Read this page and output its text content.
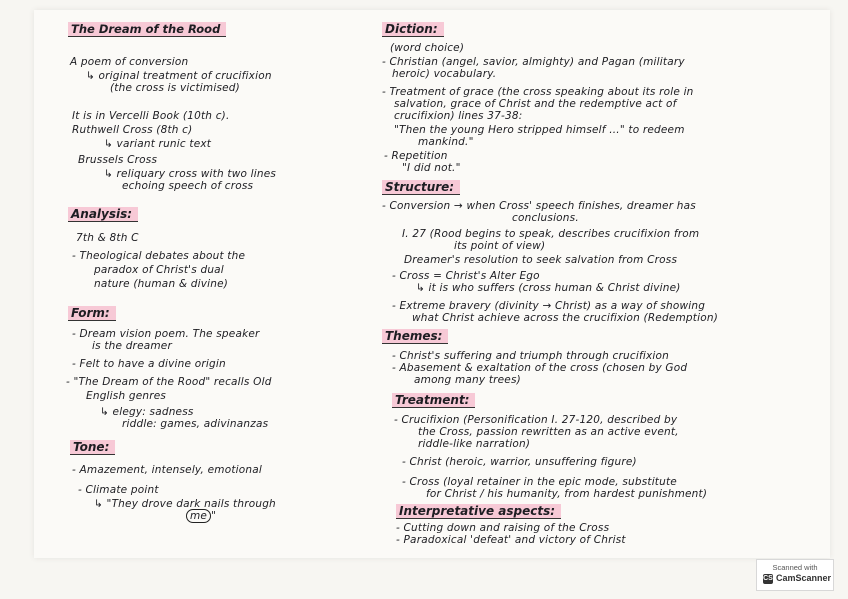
The Dream of the Rood
A poem of conversion
↳ original treatment of crucifixion
(the cross is victimised)
It is in Vercelli Book (10th c).
Ruthwell Cross (8th c)
↳ variant runic text
Brussels Cross
↳ reliquary cross with two lines
echoing speech of cross
Analysis:
7th & 8th C
- Theological debates about the
paradox of Christ's dual
nature (human & divine)
Form:
- Dream vision poem. The speaker
is the dreamer
- Felt to have a divine origin
- "The Dream of the Rood" recalls Old
English genres
↳ elegy: sadness
riddle: games, adivinanzas
Tone:
- Amazement, intensely, emotional
- Climate point
↳ "They drove dark nails through
me "
Diction:
(word choice)
- Christian (angel, savior, almighty) and Pagan (military
heroic) vocabulary.
- Treatment of grace (the cross speaking about its role in
salvation, grace of Christ and the redemptive act of
crucifixion) lines 37-38:
"Then the young Hero stripped himself ..." to redeem
mankind."
- Repetition
"I did not."
Structure:
- Conversion → when Cross' speech finishes, dreamer has
conclusions.
I. 27 (Rood begins to speak, describes crucifixion from
its point of view)
Dreamer's resolution to seek salvation from Cross
- Cross = Christ's Alter Ego
↳ it is who suffers (cross human & Christ divine)
- Extreme bravery (divinity → Christ) as a way of showing
what Christ achieve across the crucifixion (Redemption)
Themes:
- Christ's suffering and triumph through crucifixion
- Abasement & exaltation of the cross (chosen by God
among many trees)
Treatment:
- Crucifixion (Personification I. 27-120, described by
the Cross, passion rewritten as an active event,
riddle-like narration)
- Christ (heroic, warrior, unsuffering figure)
- Cross (loyal retainer in the epic mode, substitute
for Christ / his humanity, from hardest punishment)
Interpretative aspects:
- Cutting down and raising of the Cross
- Paradoxical 'defeat' and victory of Christ
Scanned with
CS CamScanner
